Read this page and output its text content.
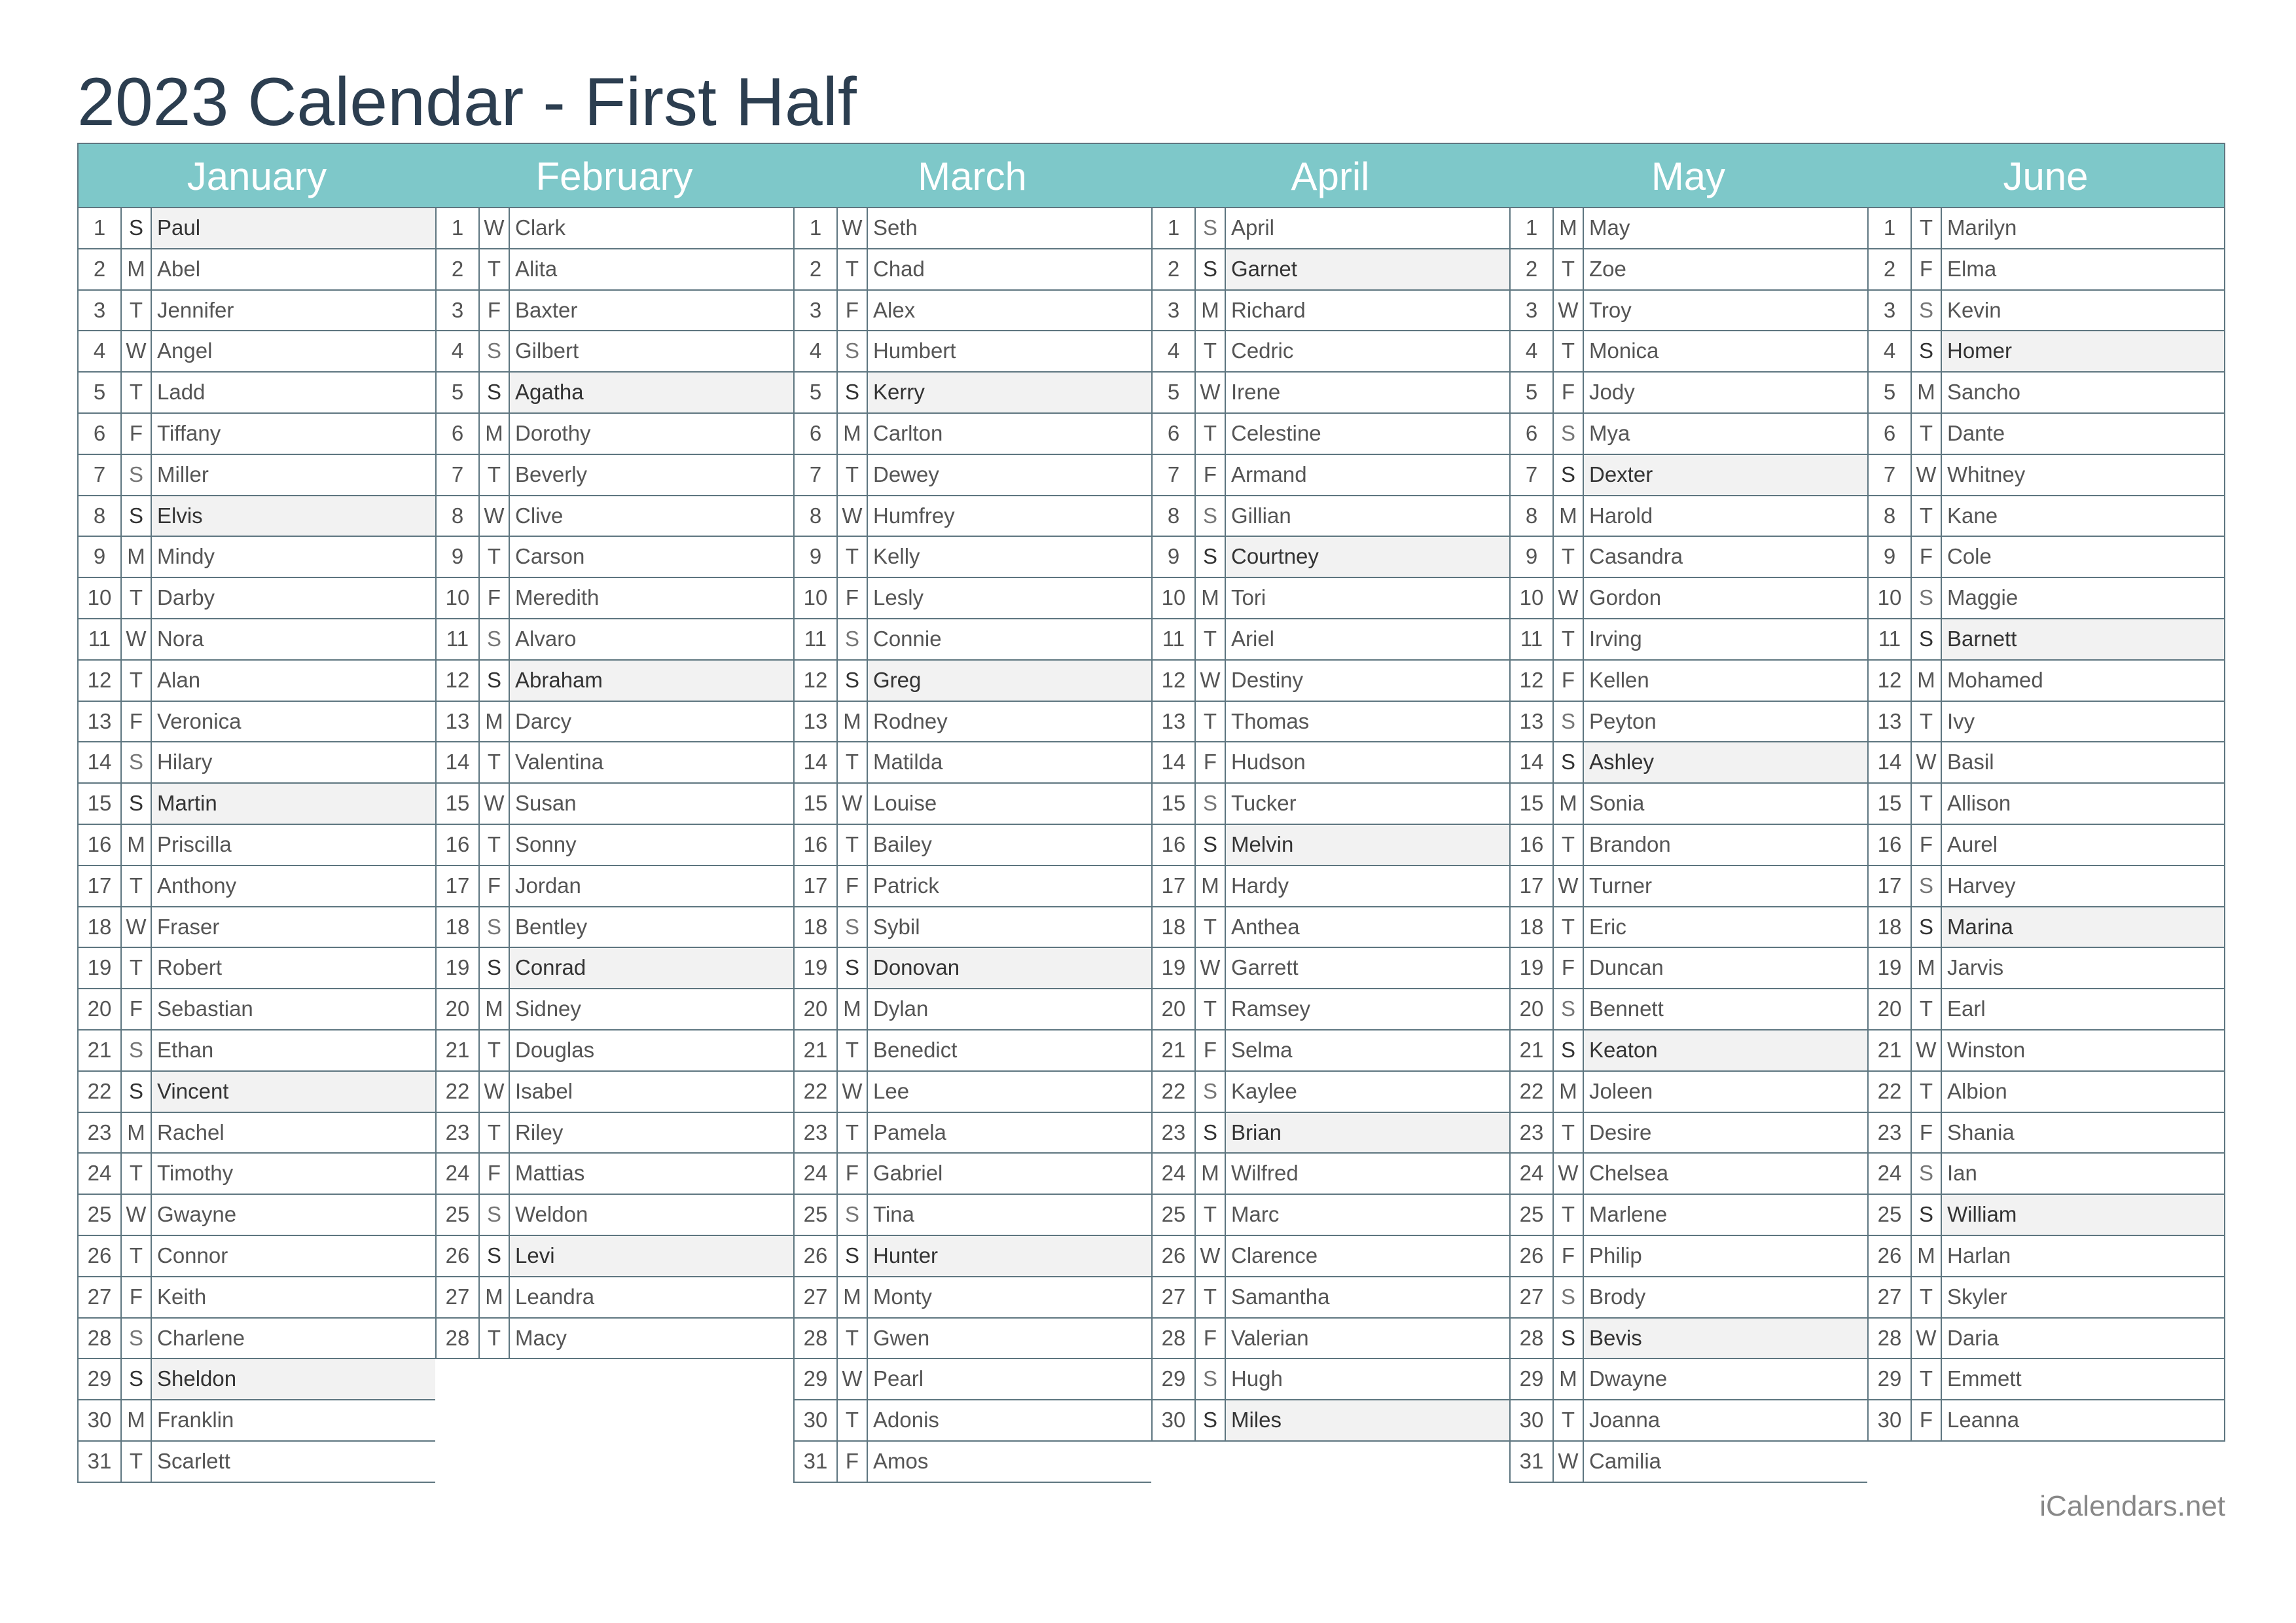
2023 Calendar - First Half
January
1	S Paul
2	M Abel
3	T Jennifer
4 W Angel
5	T Ladd
6	F Tiffany
7	S Miller
8	S Elvis
9	M Mindy
10 T Darby
11 W Nora
12 T Alan
13 F Veronica
14 S Hilary
15 S Martin
16 M Priscilla
17 T Anthony
18 W Fraser
19 T Robert
20 F Sebastian
21 S Ethan
22 S Vincent
23 M Rachel
24 T Timothy
25 W Gwayne
26 T Connor
27 F Keith
28 S Charlene
29 S Sheldon
30 M Franklin
31 T Scarlett
February
1 W Clark
2	T Alita
3	F Baxter
4	S Gilbert
5	S Agatha
6	M Dorothy
7	T Beverly
8 W Clive
9	T Carson
10 F Meredith
11 S Alvaro
12 S Abraham
13 M Darcy
14 T Valentina
15 W Susan
16 T Sonny
17 F Jordan
18 S Bentley
19 S Conrad
20 M Sidney
21 T Douglas
22 W Isabel
23 T Riley
24 F Mattias
25 S Weldon
26 S Levi
27 M Leandra
28 T Macy
March
1 W Seth
2	T Chad
3	F Alex
4	S Humbert
5	S Kerry
6	M Carlton
7	T Dewey
8 W Humfrey
9	T Kelly
10 F Lesly
11 S Connie
12 S Greg
13 M Rodney
14 T Matilda
15 W Louise
16 T Bailey
17 F Patrick
18 S Sybil
19 S Donovan
20 M Dylan
21 T Benedict
22 W Lee
23 T Pamela
24 F Gabriel
25 S Tina
26 S Hunter
27 M Monty
28 T Gwen
29 W Pearl
30 T Adonis
31 F Amos
April
1	S April
2	S Garnet
3	M Richard
4	T Cedric
5 W Irene
6	T Celestine
7	F Armand
8	S Gillian
9	S Courtney
10 M Tori
11 T Ariel
12 W Destiny
13 T Thomas
14 F Hudson
15 S Tucker
16 S Melvin
17 M Hardy
18 T Anthea
19 W Garrett
20 T Ramsey
21 F Selma
22 S Kaylee
23 S Brian
24 M Wilfred
25 T Marc
26 W Clarence
27 T Samantha
28 F Valerian
29 S Hugh
30 S Miles
May
1	M May
2	T Zoe
3 W Troy
4	T Monica
5	F Jody
6	S Mya
7	S Dexter
8	M Harold
9	T Casandra
10 W Gordon
11 T Irving
12 F Kellen
13 S Peyton
14 S Ashley
15 M Sonia
16 T Brandon
17 W Turner
18 T Eric
19 F Duncan
20 S Bennett
21 S Keaton
22 M Joleen
23 T Desire
24 W Chelsea
25 T Marlene
26 F Philip
27 S Brody
28 S Bevis
29 M Dwayne
30 T Joanna
31 W Camilia
June
1	T Marilyn
2	F Elma
3	S Kevin
4	S Homer
5	M Sancho
6	T Dante
7 W Whitney
8	T Kane
9	F Cole
10 S Maggie
11 S Barnett
12 M Mohamed
13 T Ivy
14 W Basil
15 T Allison
16 F Aurel
17 S Harvey
18 S Marina
19 M Jarvis
20 T Earl
21 W Winston
22 T Albion
23 F Shania
24 S Ian
25 S William
26 M Harlan
27 T Skyler
28 W Daria
29 T Emmett
30 F Leanna
iCalendars.net
